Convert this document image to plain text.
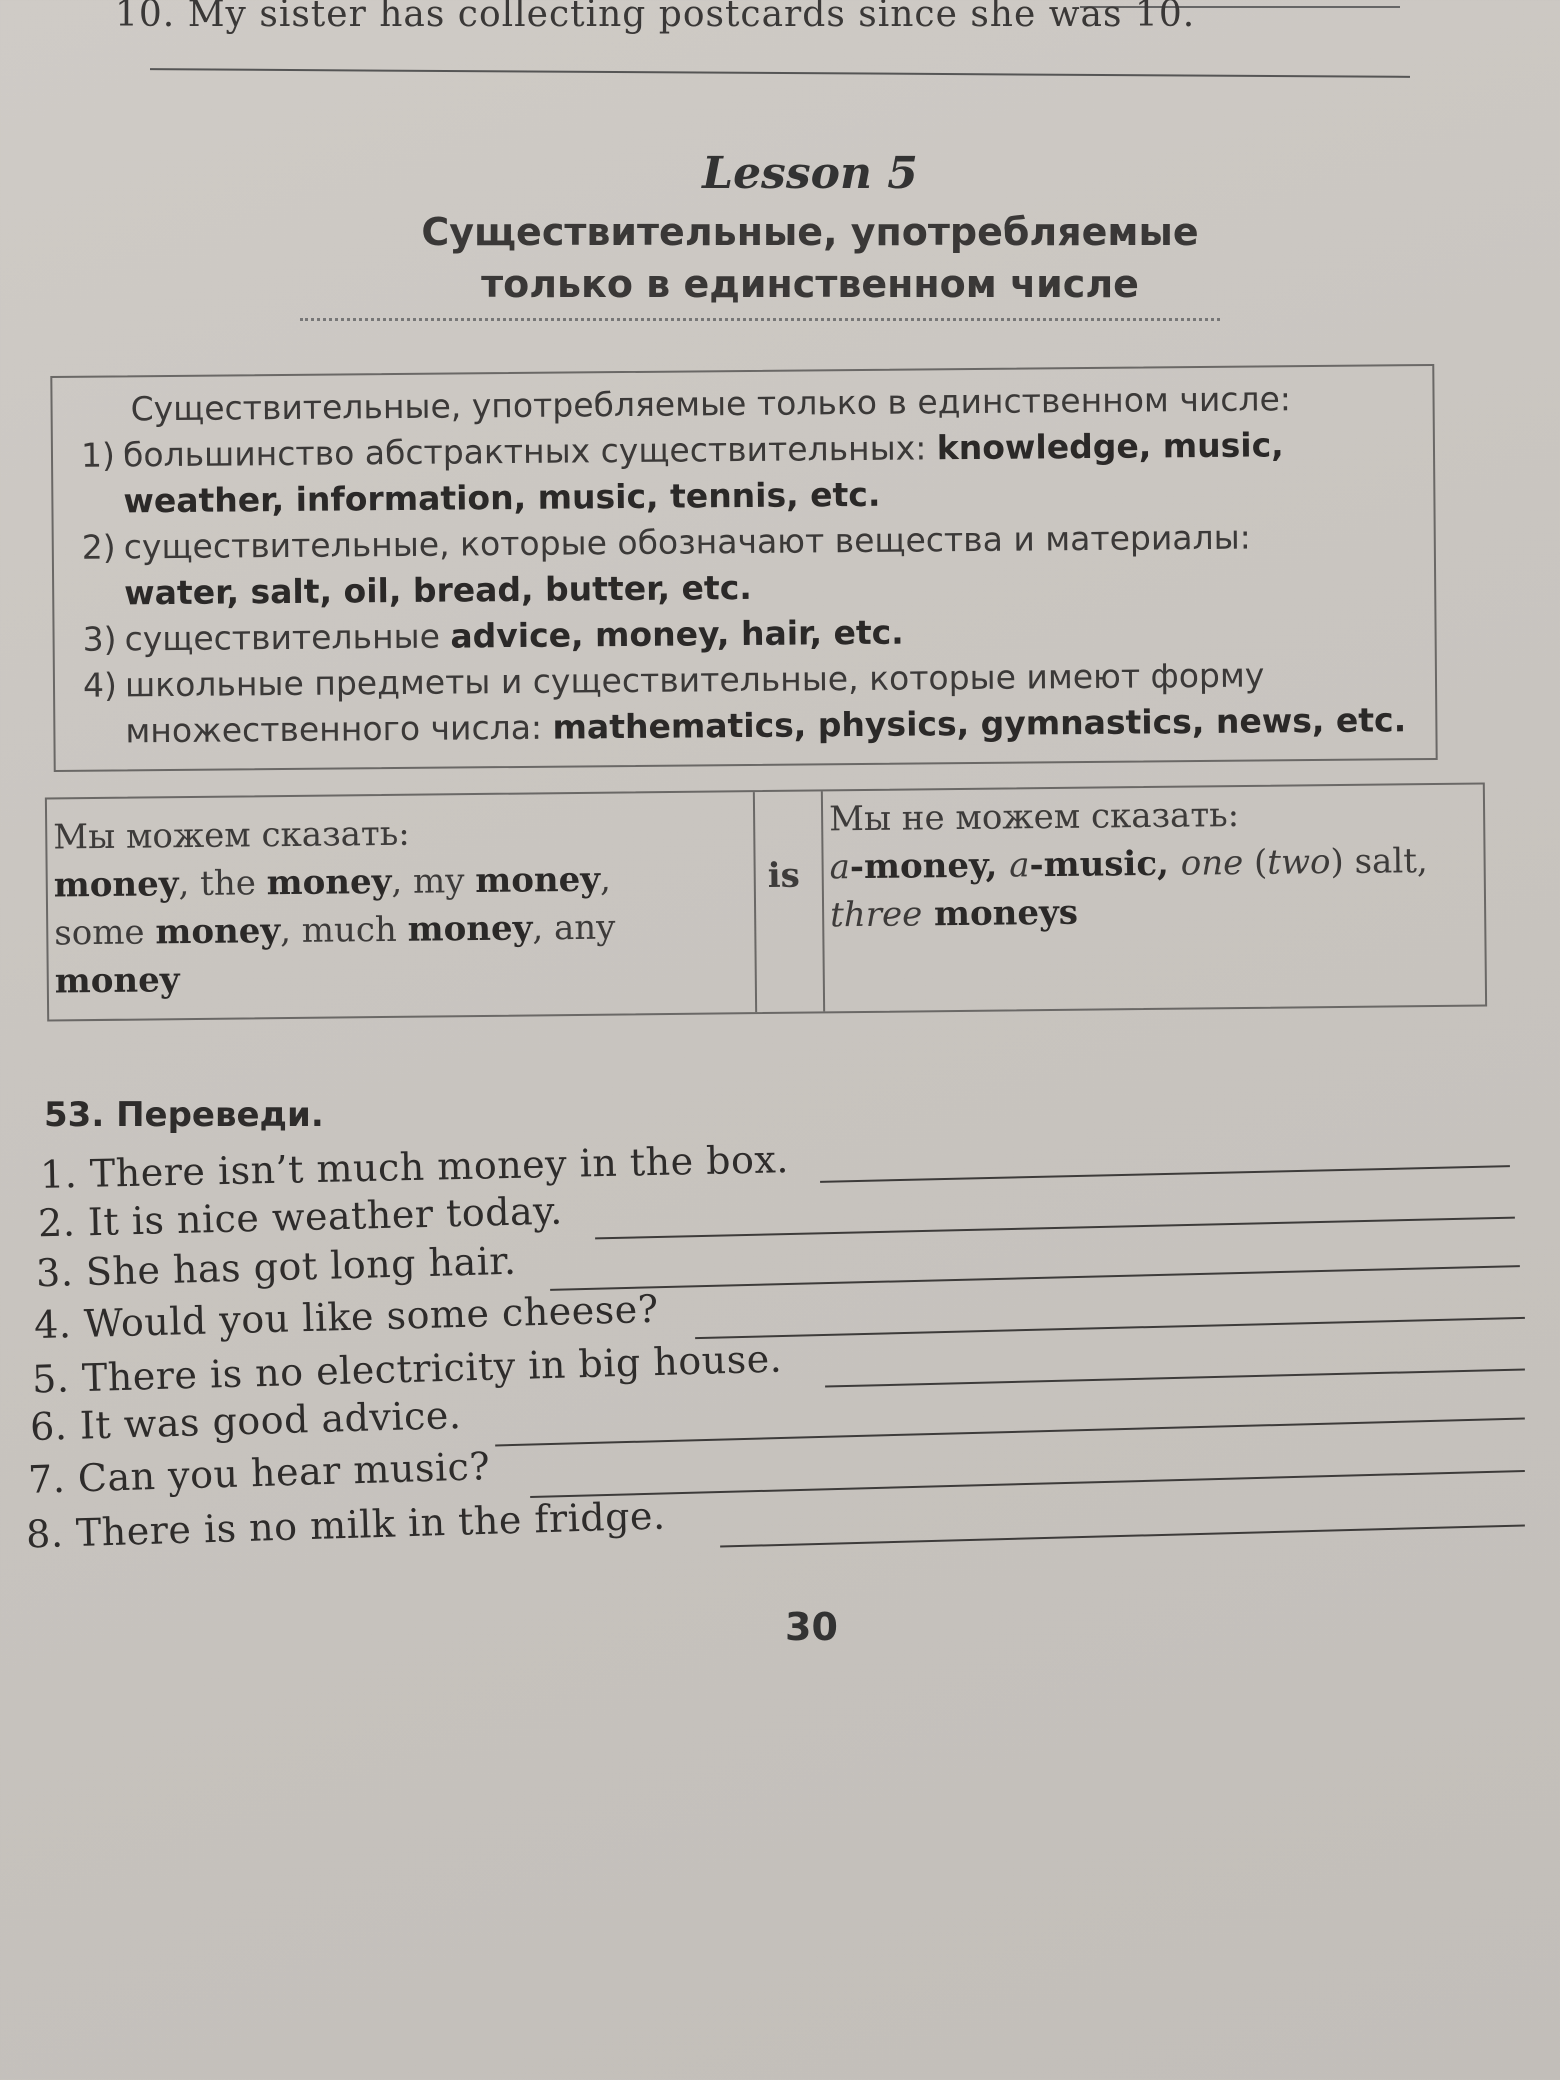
10. My sister has collecting postcards since she was 10.
Lesson 5
Существительные, употребляемые
только в единственном числе
Существительные, употребляемые только в единственном числе:
1) большинство абстрактных существительных: knowledge, music,
weather, information, music, tennis, etc.
2) существительные, которые обозначают вещества и материалы:
water, salt, oil, bread, butter, etc.
3) существительные advice, money, hair, etc.
4) школьные предметы и существительные, которые имеют форму
множественного числа: mathematics, physics, gymnastics, news, etc.
Мы можем сказать:
money, the money, my money,
some money, much money, any
money
is
Мы не можем сказать:
a-money, a-music, one (two) salt,
three moneys
53. Переведи.
1. There isn’t much money in the box.
2. It is nice weather today.
3. She has got long hair.
4. Would you like some cheese?
5. There is no electricity in big house.
6. It was good advice.
7. Can you hear music?
8. There is no milk in the fridge.
30
